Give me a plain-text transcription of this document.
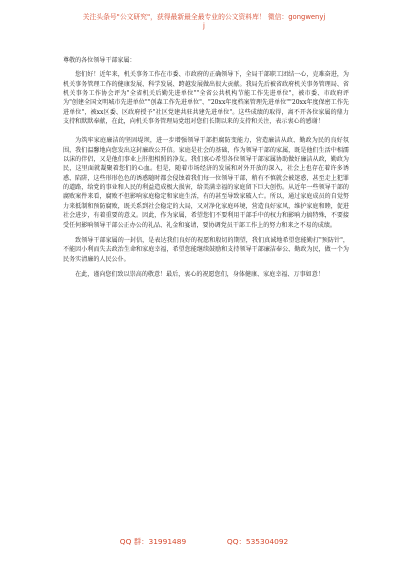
关注头条号"公文研究"，获得最新最全最专业的公文资料库！ 微信：gongwenyj
j

尊敬的各位领导干部家属：

您们好！近年来，机关事务工作在市委、市政府的正确领导下，全局干部职工团结一心，克难奋进，为机关事务管理工作的健康发展、科学发展、跨越发展做出很大贡献。我局先后被省政府机关事务管理局、省机关事务工作协会评为"全省机关后勤先进单位""全省公共机构节能工作先进单位"，被市委、市政府评为"创建全国文明城市先进单位""创森工作先进单位"、"20xx年度档案管理先进单位""20xx年度保密工作先进单位"，被xx区委、区政府授予"社区党建共驻共建先进单位"。这些成绩的取得，离不开各位家属的鼎力支持和默默奉献，在此，向机关事务管理局党组对您们长期以来的支持和关注，表示衷心的感谢！

为筑牢家庭廉洁的坚固堤坝，进一步增强领导干部拒腐防变能力，营造廉洁从政、勤政为民的良好氛围，我们温馨地向您发出这封廉政公开信。家庭是社会的基础，作为领导干部的家属，既是他们生活中相濡以沫的伴侣，又是他们事业上肝胆相照的净友。我们衷心希望各位领导干部家属协助做好廉洁从政，勤政为民，这里面就凝聚着您们的心血。但是，随着市场经济的发展和对外开放的深入，社会上也存在着许多诱惑、陷阱，这些形形色色的诱惑随时都会侵蚀着我们每一位领导干部，稍有不慎就会被迷惑，甚至走上犯罪的道路，给党的事业和人民的利益造成极大损害，给美满幸福的家庭留下巨大创伤。从近年一些领导干部的腐败案件来看，腐败不但影响家庭稳定和家庭生活，有的甚至导致家破人亡。所以，通过家庭成员的自觉努力来抵制和预防腐败，既关系到社会稳定的大局，又对净化家庭环境，营造良好家风，维护家庭和睦，促进社会进步，有着重要的意义。因此，作为家属，希望您们不要利用干部手中的权力和影响力搞特殊，不要接受任何影响领导干部公正办公的礼品、礼金和宴请，要协调党员干部工作上的努力和来之不易的成绩。

致领导干部家属的一封信，是表达我们良好的祝愿和殷切的期望，我们真诚地希望您能勤打"预防针"，不能因小利而失去政治生命和家庭幸福，希望您能继续鼓励和支持领导干部廉洁奉公、勤政为民，做一个为民务实清廉的人民公仆。

在此，谨向您们致以崇高的敬意！最后，衷心的祝愿您们，身体健康、家庭幸福、万事如意！

QQ 群：31991489	QQ：535304092
